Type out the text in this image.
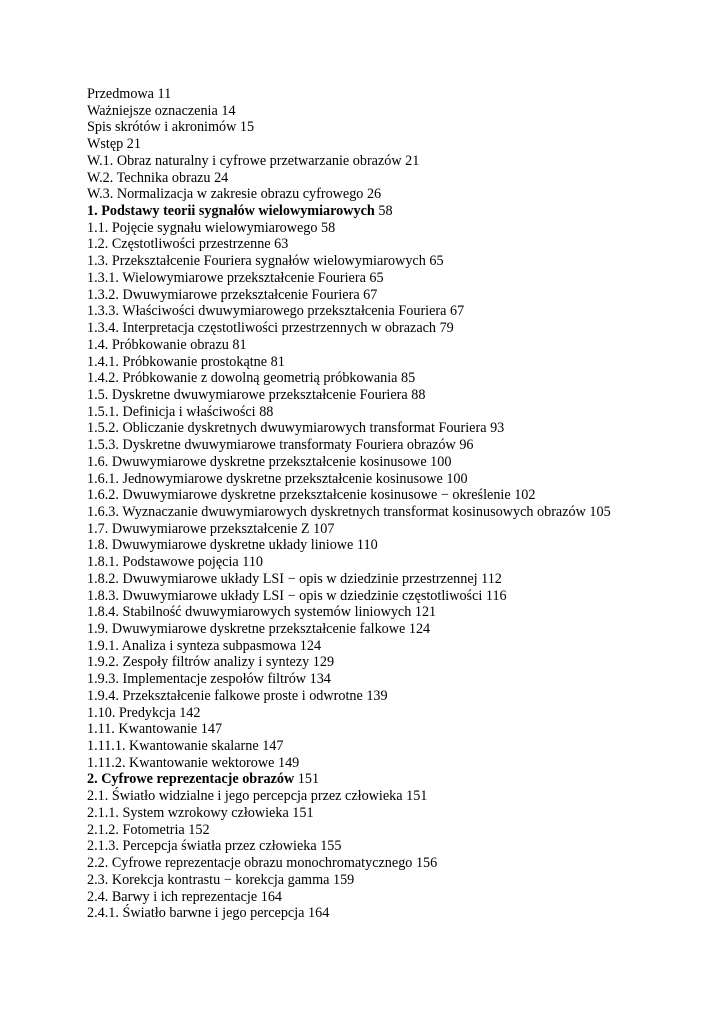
Przedmowa 11
Ważniejsze oznaczenia 14
Spis skrótów i akronimów 15
Wstęp 21
W.1. Obraz naturalny i cyfrowe przetwarzanie obrazów 21
W.2. Technika obrazu 24
W.3. Normalizacja w zakresie obrazu cyfrowego 26
1. Podstawy teorii sygnałów wielowymiarowych 58
1.1. Pojęcie sygnału wielowymiarowego 58
1.2. Częstotliwości przestrzenne 63
1.3. Przekształcenie Fouriera sygnałów wielowymiarowych 65
1.3.1. Wielowymiarowe przekształcenie Fouriera 65
1.3.2. Dwuwymiarowe przekształcenie Fouriera 67
1.3.3. Właściwości dwuwymiarowego przekształcenia Fouriera 67
1.3.4. Interpretacja częstotliwości przestrzennych w obrazach 79
1.4. Próbkowanie obrazu 81
1.4.1. Próbkowanie prostokątne 81
1.4.2. Próbkowanie z dowolną geometrią próbkowania 85
1.5. Dyskretne dwuwymiarowe przekształcenie Fouriera 88
1.5.1. Definicja i właściwości 88
1.5.2. Obliczanie dyskretnych dwuwymiarowych transformat Fouriera 93
1.5.3. Dyskretne dwuwymiarowe transformaty Fouriera obrazów 96
1.6. Dwuwymiarowe dyskretne przekształcenie kosinusowe 100
1.6.1. Jednowymiarowe dyskretne przekształcenie kosinusowe 100
1.6.2. Dwuwymiarowe dyskretne przekształcenie kosinusowe − określenie 102
1.6.3. Wyznaczanie dwuwymiarowych dyskretnych transformat kosinusowych obrazów 105
1.7. Dwuwymiarowe przekształcenie Z 107
1.8. Dwuwymiarowe dyskretne układy liniowe 110
1.8.1. Podstawowe pojęcia 110
1.8.2. Dwuwymiarowe układy LSI − opis w dziedzinie przestrzennej 112
1.8.3. Dwuwymiarowe układy LSI − opis w dziedzinie częstotliwości 116
1.8.4. Stabilność dwuwymiarowych systemów liniowych 121
1.9. Dwuwymiarowe dyskretne przekształcenie falkowe 124
1.9.1. Analiza i synteza subpasmowa 124
1.9.2. Zespoły filtrów analizy i syntezy 129
1.9.3. Implementacje zespołów filtrów 134
1.9.4. Przekształcenie falkowe proste i odwrotne 139
1.10. Predykcja 142
1.11. Kwantowanie 147
1.11.1. Kwantowanie skalarne 147
1.11.2. Kwantowanie wektorowe 149
2. Cyfrowe reprezentacje obrazów 151
2.1. Światło widzialne i jego percepcja przez człowieka 151
2.1.1. System wzrokowy człowieka 151
2.1.2. Fotometria 152
2.1.3. Percepcja światła przez człowieka 155
2.2. Cyfrowe reprezentacje obrazu monochromatycznego 156
2.3. Korekcja kontrastu − korekcja gamma 159
2.4. Barwy i ich reprezentacje 164
2.4.1. Światło barwne i jego percepcja 164
